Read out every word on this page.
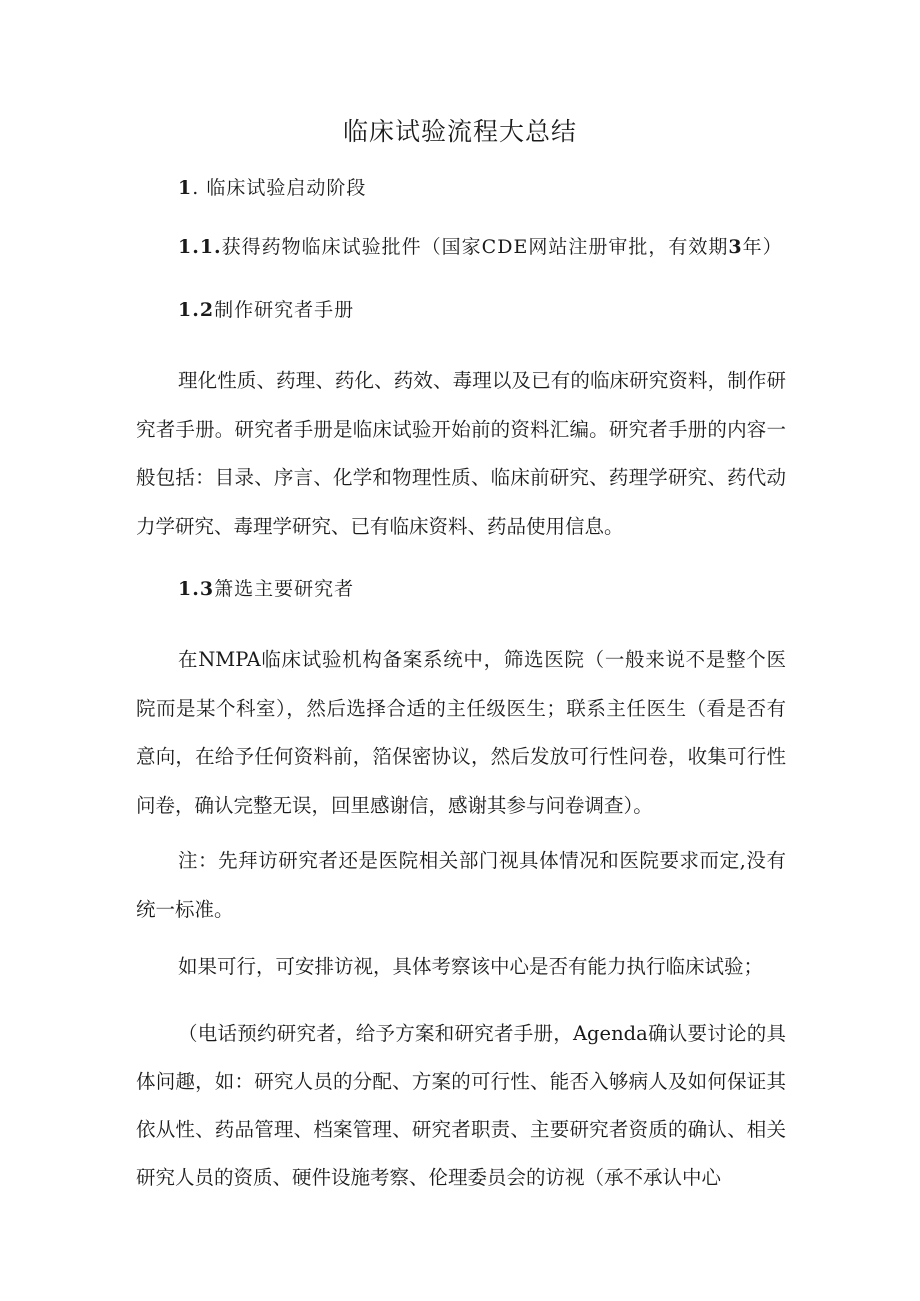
临床试验流程大总结
1. 临床试验启动阶段
1.1.获得药物临床试验批件（国家CDE网站注册审批，有效期3年）
1.2制作研究者手册

理化性质、药理、药化、药效、毒理以及已有的临床研究资料，制作研究者手册。研究者手册是临床试验开始前的资料汇编。研究者手册的内容一般包括：目录、序言、化学和物理性质、临床前研究、药理学研究、药代动力学研究、毒理学研究、已有临床资料、药品使用信息。

1.3箫选主要研究者

在NMPA临床试验机构备案系统中，筛选医院（一般来说不是整个医院而是某个科室），然后选择合适的主任级医生；联系主任医生（看是否有意向，在给予任何资料前，箔保密协议，然后发放可行性问卷，收集可行性问卷，确认完整无误，回里感谢信，感谢其参与问卷调查）。

注：先拜访研究者还是医院相关部门视具体情况和医院要求而定,没有统一标准。

如果可行，可安排访视，具体考察该中心是否有能力执行临床试验；

（电话预约研究者，给予方案和研究者手册，Agenda确认要讨论的具体问趣，如：研究人员的分配、方案的可行性、能否入够病人及如何保证其依从性、药品管理、档案管理、研究者职责、主要研究者资质的确认、相关研究人员的资质、硬件设施考察、伦理委员会的访视（承不承认中心
